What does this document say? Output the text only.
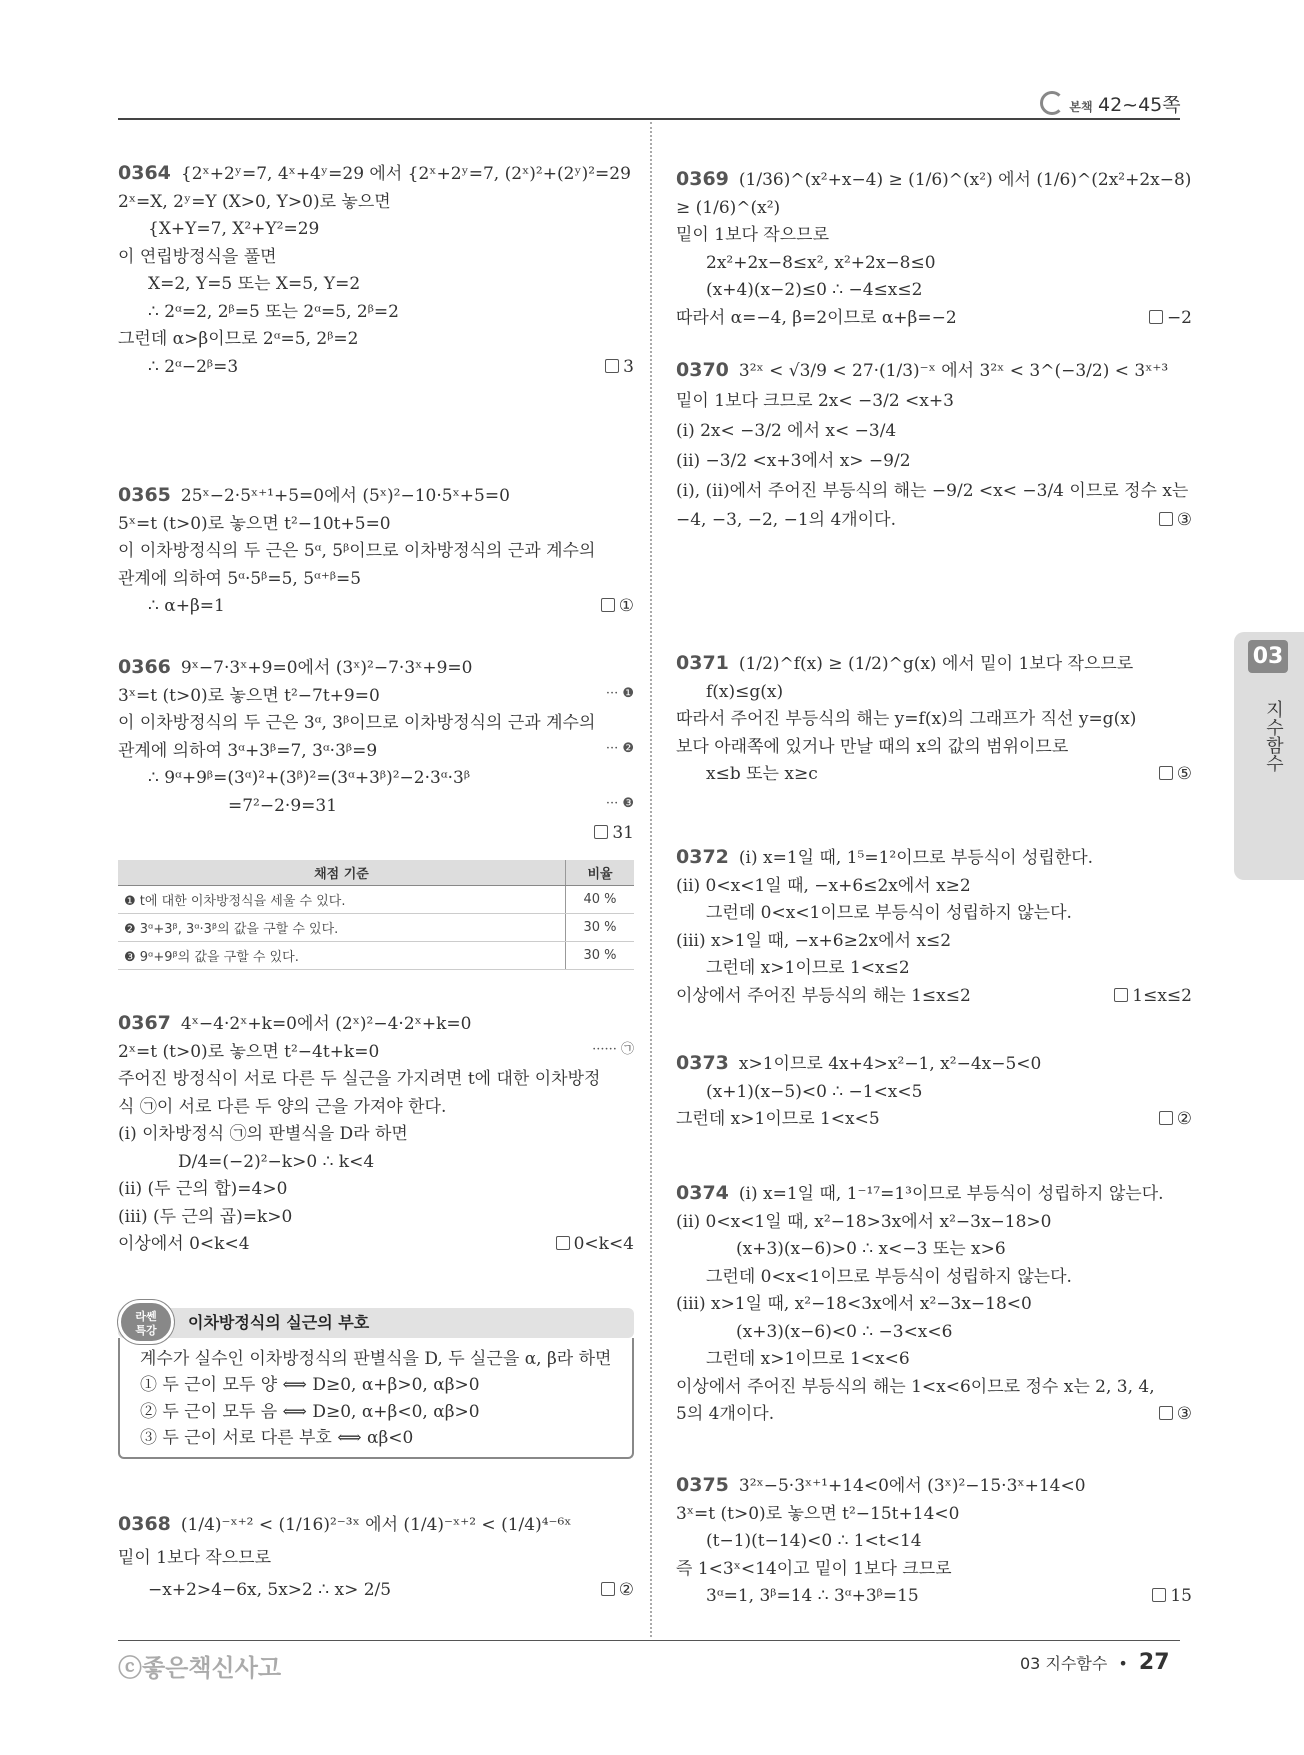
본책 42~45쪽
03
지수함수
0364 {2ˣ+2ʸ=7, 4ˣ+4ʸ=29 에서 {2ˣ+2ʸ=7, (2ˣ)²+(2ʸ)²=29
2ˣ=X, 2ʸ=Y (X>0, Y>0)로 놓으면
{X+Y=7, X²+Y²=29
이 연립방정식을 풀면
X=2, Y=5 또는 X=5, Y=2
∴ 2ᵅ=2, 2ᵝ=5 또는 2ᵅ=5, 2ᵝ=2
그런데 α>β이므로 2ᵅ=5, 2ᵝ=2
∴ 2ᵅ−2ᵝ=3	3
0365 25ˣ−2·5ˣ⁺¹+5=0에서 (5ˣ)²−10·5ˣ+5=0
5ˣ=t (t>0)로 놓으면 t²−10t+5=0
이 이차방정식의 두 근은 5ᵅ, 5ᵝ이므로 이차방정식의 근과 계수의
관계에 의하여 5ᵅ·5ᵝ=5, 5ᵅ⁺ᵝ=5
∴ α+β=1	①
0366 9ˣ−7·3ˣ+9=0에서 (3ˣ)²−7·3ˣ+9=0
3ˣ=t (t>0)로 놓으면 t²−7t+9=0	··· ❶
이 이차방정식의 두 근은 3ᵅ, 3ᵝ이므로 이차방정식의 근과 계수의
관계에 의하여 3ᵅ+3ᵝ=7, 3ᵅ·3ᵝ=9	··· ❷
∴ 9ᵅ+9ᵝ=(3ᵅ)²+(3ᵝ)²=(3ᵅ+3ᵝ)²−2·3ᵅ·3ᵝ
=7²−2·9=31	··· ❸
31
채점 기준	비율
❶ t에 대한 이차방정식을 세울 수 있다.	40 %
❷ 3ᵅ+3ᵝ, 3ᵅ·3ᵝ의 값을 구할 수 있다.	30 %
❸ 9ᵅ+9ᵝ의 값을 구할 수 있다.	30 %
0367 4ˣ−4·2ˣ+k=0에서 (2ˣ)²−4·2ˣ+k=0
2ˣ=t (t>0)로 놓으면 t²−4t+k=0	······ ㉠
주어진 방정식이 서로 다른 두 실근을 가지려면 t에 대한 이차방정
식 ㉠이 서로 다른 두 양의 근을 가져야 한다.
(i) 이차방정식 ㉠의 판별식을 D라 하면
D/4=(−2)²−k>0 ∴ k<4
(ii) (두 근의 합)=4>0
(iii) (두 근의 곱)=k>0
이상에서 0<k<4	0<k<4
라쎈
특강	이차방정식의 실근의 부호
계수가 실수인 이차방정식의 판별식을 D, 두 실근을 α, β라 하면
① 두 근이 모두 양 ⟺ D≥0, α+β>0, αβ>0
② 두 근이 모두 음 ⟺ D≥0, α+β<0, αβ>0
③ 두 근이 서로 다른 부호 ⟺ αβ<0
0368 (1/4)⁻ˣ⁺² < (1/16)²⁻³ˣ 에서 (1/4)⁻ˣ⁺² < (1/4)⁴⁻⁶ˣ
밑이 1보다 작으므로
−x+2>4−6x, 5x>2 ∴ x> 2/5	②
0369 (1/36)^(x²+x−4) ≥ (1/6)^(x²) 에서 (1/6)^(2x²+2x−8) ≥ (1/6)^(x²)
밑이 1보다 작으므로
2x²+2x−8≤x², x²+2x−8≤0
(x+4)(x−2)≤0 ∴ −4≤x≤2
따라서 α=−4, β=2이므로 α+β=−2	−2
0370 3²ˣ < √3/9 < 27·(1/3)⁻ˣ 에서 3²ˣ < 3^(−3/2) < 3ˣ⁺³
밑이 1보다 크므로 2x< −3/2 <x+3
(i) 2x< −3/2 에서 x< −3/4
(ii) −3/2 <x+3에서 x> −9/2
(i), (ii)에서 주어진 부등식의 해는 −9/2 <x< −3/4 이므로 정수 x는
−4, −3, −2, −1의 4개이다.	③
0371 (1/2)^f(x) ≥ (1/2)^g(x) 에서 밑이 1보다 작으므로
f(x)≤g(x)
따라서 주어진 부등식의 해는 y=f(x)의 그래프가 직선 y=g(x)
보다 아래쪽에 있거나 만날 때의 x의 값의 범위이므로
x≤b 또는 x≥c	⑤
0372 (i) x=1일 때, 1⁵=1²이므로 부등식이 성립한다.
(ii) 0<x<1일 때, −x+6≤2x에서 x≥2
그런데 0<x<1이므로 부등식이 성립하지 않는다.
(iii) x>1일 때, −x+6≥2x에서 x≤2
그런데 x>1이므로 1<x≤2
이상에서 주어진 부등식의 해는 1≤x≤2	1≤x≤2
0373 x>1이므로 4x+4>x²−1, x²−4x−5<0
(x+1)(x−5)<0 ∴ −1<x<5
그런데 x>1이므로 1<x<5	②
0374 (i) x=1일 때, 1⁻¹⁷=1³이므로 부등식이 성립하지 않는다.
(ii) 0<x<1일 때, x²−18>3x에서 x²−3x−18>0
(x+3)(x−6)>0 ∴ x<−3 또는 x>6
그런데 0<x<1이므로 부등식이 성립하지 않는다.
(iii) x>1일 때, x²−18<3x에서 x²−3x−18<0
(x+3)(x−6)<0 ∴ −3<x<6
그런데 x>1이므로 1<x<6
이상에서 주어진 부등식의 해는 1<x<6이므로 정수 x는 2, 3, 4,
5의 4개이다.	③
0375 3²ˣ−5·3ˣ⁺¹+14<0에서 (3ˣ)²−15·3ˣ+14<0
3ˣ=t (t>0)로 놓으면 t²−15t+14<0
(t−1)(t−14)<0 ∴ 1<t<14
즉 1<3ˣ<14이고 밑이 1보다 크므로
3ᵅ=1, 3ᵝ=14 ∴ 3ᵅ+3ᵝ=15	15
ⓒ좋은책신사고	03 지수함수 • 27
